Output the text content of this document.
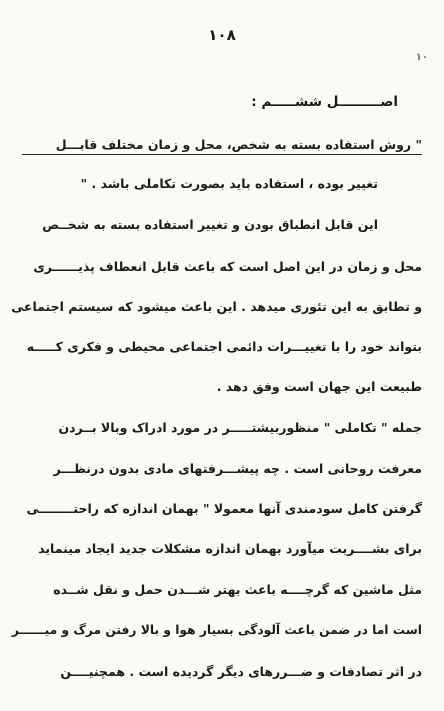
۱۰۸
۱۰
اصـــــــــل ششـــــم :
" روش استفاده بسته به شخص، محل و زمان مختلف قابـــل
تغییر بوده ، استفاده باید بصورت تکاملی باشد . "
این قابل انطباق بودن و تغییر استفاده بسته به شخــص
محل و زمان در این اصل است که باعث قابل انعطاف پذیــــــری
و تطابق به این تئوری میدهد . این باعث میشود که سیستم اجتماعی
بتواند خود را با تغییـــرات دائمی اجتماعی محیطی و فکری کـــــه
طبیعت این جهان است وفق دهد .
جمله " تکاملی " منظوربیشتـــــر در مورد ادراک وبالا بــردن
معرفت روحانی است . چه پیشـــرفتهای مادی بدون درنظـــر
گرفتن کامل سودمندی آنها معمولا " بهمان اندازه که راحتــــــــی
برای بشــــریت میآورد بهمان اندازه مشکلات جدید ایجاد مینماید
مثل ماشین که گرچــــه باعث بهتر شـــدن حمل و نقل شــده
است اما در ضمن باعث آلودگی بسیار هوا و بالا رفتن مرگ و میــــــر
در اثر تصادفات و ضـــررهای دیگر گردیده است . همچنیــــن
